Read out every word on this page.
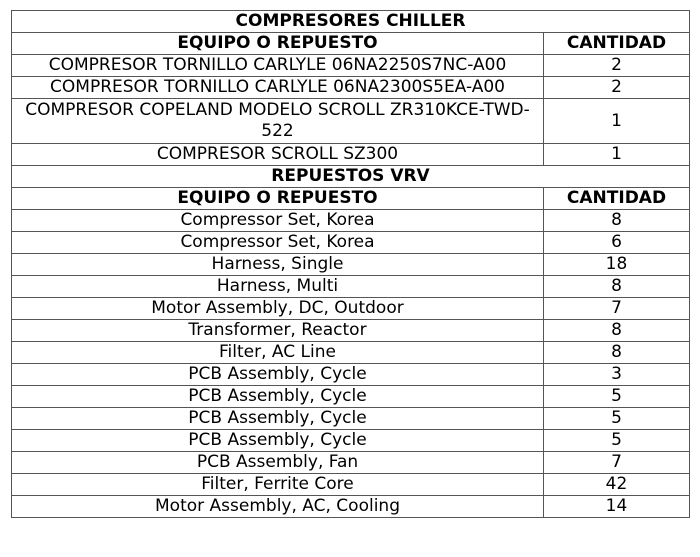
COMPRESORES CHILLER	
EQUIPO O REPUESTO	CANTIDAD
COMPRESOR TORNILLO CARLYLE 06NA2250S7NC-A00	2
COMPRESOR TORNILLO CARLYLE 06NA2300S5EA-A00	2
COMPRESOR COPELAND MODELO SCROLL ZR310KCE-TWD-522	1
COMPRESOR SCROLL SZ300	1
REPUESTOS VRV	
EQUIPO O REPUESTO	CANTIDAD
Compressor Set, Korea	8
Compressor Set, Korea	6
Harness, Single	18
Harness, Multi	8
Motor Assembly, DC, Outdoor	7
Transformer, Reactor	8
Filter, AC Line	8
PCB Assembly, Cycle	3
PCB Assembly, Cycle	5
PCB Assembly, Cycle	5
PCB Assembly, Cycle	5
PCB Assembly, Fan	7
Filter, Ferrite Core	42
Motor Assembly, AC, Cooling	14
